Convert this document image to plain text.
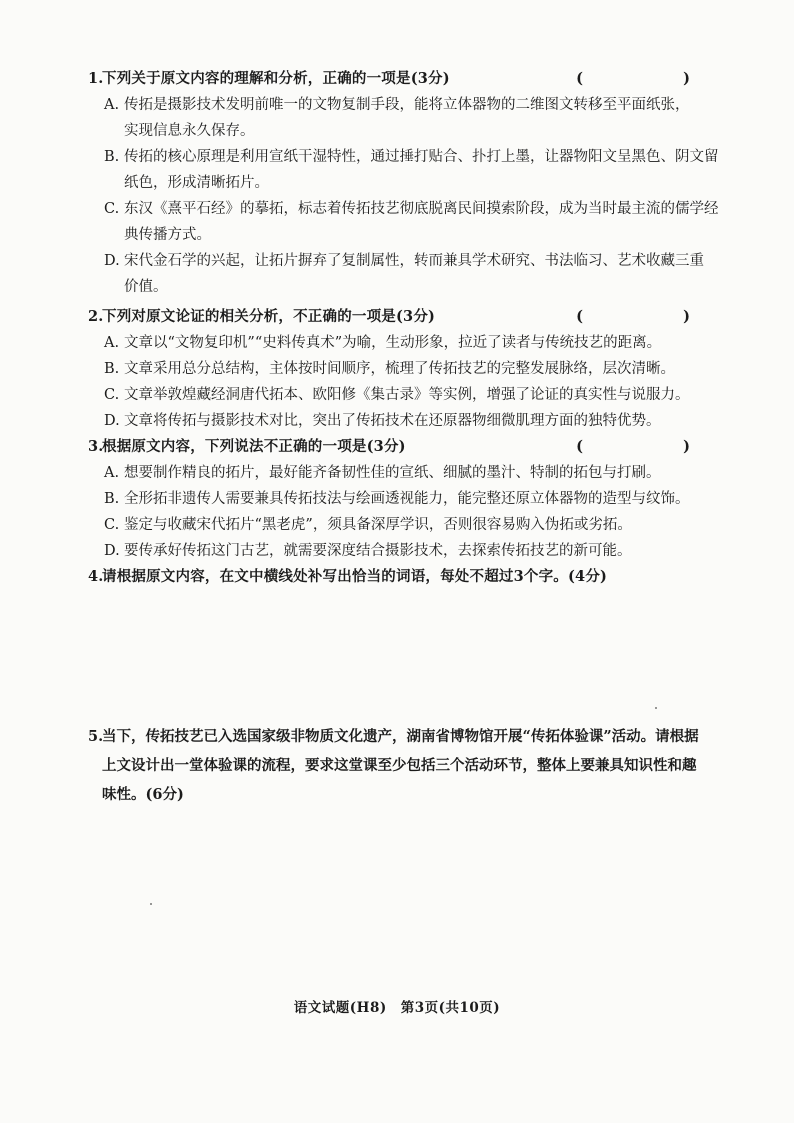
1.下列关于原文内容的理解和分析，正确的一项是(3分)	(  )
A. 传拓是摄影技术发明前唯一的文物复制手段，能将立体器物的二维图文转移至平面纸张，
实现信息永久保存。
B. 传拓的核心原理是利用宣纸干湿特性，通过捶打贴合、扑打上墨，让器物阳文呈黑色、阴文留
纸色，形成清晰拓片。
C. 东汉《熹平石经》的摹拓，标志着传拓技艺彻底脱离民间摸索阶段，成为当时最主流的儒学经
典传播方式。
D. 宋代金石学的兴起，让拓片摒弃了复制属性，转而兼具学术研究、书法临习、艺术收藏三重
价值。
2.下列对原文论证的相关分析，不正确的一项是(3分)	(  )
A. 文章以“文物复印机”“史料传真术”为喻，生动形象，拉近了读者与传统技艺的距离。
B. 文章采用总分总结构，主体按时间顺序，梳理了传拓技艺的完整发展脉络，层次清晰。
C. 文章举敦煌藏经洞唐代拓本、欧阳修《集古录》等实例，增强了论证的真实性与说服力。
D. 文章将传拓与摄影技术对比，突出了传拓技术在还原器物细微肌理方面的独特优势。
3.根据原文内容，下列说法不正确的一项是(3分)	(  )
A. 想要制作精良的拓片，最好能齐备韧性佳的宣纸、细腻的墨汁、特制的拓包与打刷。
B. 全形拓非遗传人需要兼具传拓技法与绘画透视能力，能完整还原立体器物的造型与纹饰。
C. 鉴定与收藏宋代拓片“黑老虎”，须具备深厚学识，否则很容易购入伪拓或劣拓。
D. 要传承好传拓这门古艺，就需要深度结合摄影技术，去探索传拓技艺的新可能。
4.请根据原文内容，在文中横线处补写出恰当的词语，每处不超过3个字。(4分)
5.当下，传拓技艺已入选国家级非物质文化遗产，湖南省博物馆开展“传拓体验课”活动。请根据
上文设计出一堂体验课的流程，要求这堂课至少包括三个活动环节，整体上要兼具知识性和趣
味性。(6分)
语文试题(H8)　第3页(共10页)
